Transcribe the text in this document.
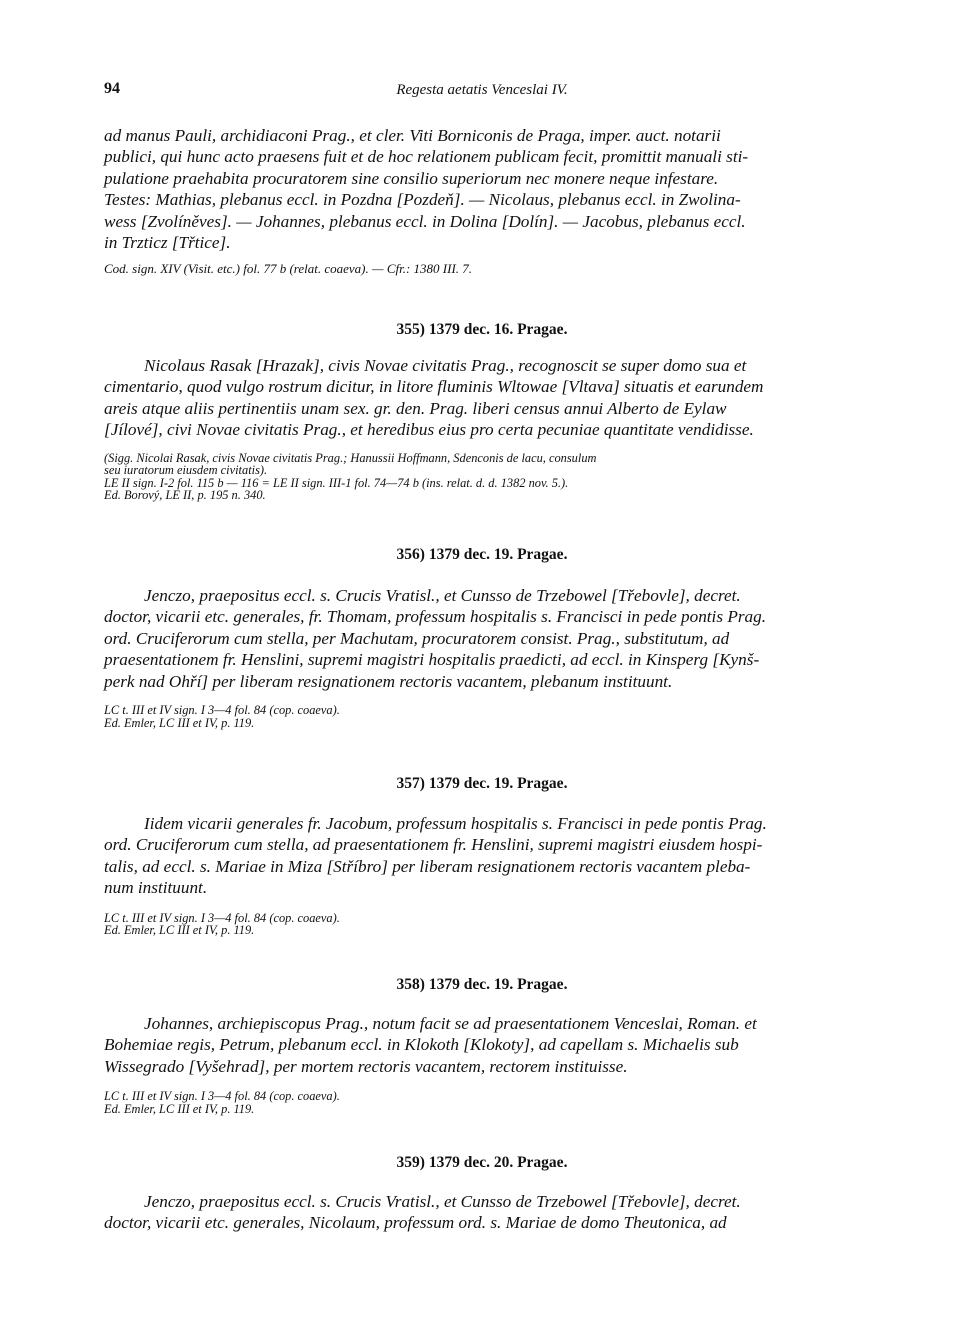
94	Regesta aetatis Venceslai IV.

ad manus Pauli, archidiaconi Prag., et cler. Viti Borniconis de Praga, imper. auct. notarii
publici, qui hunc acto praesens fuit et de hoc relationem publicam fecit, promittit manuali sti-
pulatione praehabita procuratorem sine consilio superiorum nec monere neque infestare.
Testes: Mathias, plebanus eccl. in Pozdna [Pozdeň]. — Nicolaus, plebanus eccl. in Zwolina-
wess [Zvolíněves]. — Johannes, plebanus eccl. in Dolina [Dolín]. — Jacobus, plebanus eccl.
in Trzticz [Třtice].

Cod. sign. XIV (Visit. etc.) fol. 77 b (relat. coaeva). — Cfr.: 1380 III. 7.

355) 1379 dec. 16. Pragae.

Nicolaus Rasak [Hrazak], civis Novae civitatis Prag., recognoscit se super domo sua et
cimentario, quod vulgo rostrum dicitur, in litore fluminis Wltowae [Vltava] situatis et earundem
areis atque aliis pertinentiis unam sex. gr. den. Prag. liberi census annui Alberto de Eylaw
[Jílové], civi Novae civitatis Prag., et heredibus eius pro certa pecuniae quantitate vendidisse.

(Sigg. Nicolai Rasak, civis Novae civitatis Prag.; Hanussii Hoffmann, Sdenconis de lacu, consulum
seu iuratorum eiusdem civitatis).
LE II sign. I-2 fol. 115 b — 116 = LE II sign. III-1 fol. 74—74 b (ins. relat. d. d. 1382 nov. 5.).
Ed. Borový, LE II, p. 195 n. 340.

356) 1379 dec. 19. Pragae.

Jenczo, praepositus eccl. s. Crucis Vratisl., et Cunsso de Trzebowel [Třebovle], decret.
doctor, vicarii etc. generales, fr. Thomam, professum hospitalis s. Francisci in pede pontis Prag.
ord. Cruciferorum cum stella, per Machutam, procuratorem consist. Prag., substitutum, ad
praesentationem fr. Henslini, supremi magistri hospitalis praedicti, ad eccl. in Kinsperg [Kynš-
perk nad Ohří] per liberam resignationem rectoris vacantem, plebanum instituunt.

LC t. III et IV sign. I 3—4 fol. 84 (cop. coaeva).
Ed. Emler, LC III et IV, p. 119.

357) 1379 dec. 19. Pragae.

Iidem vicarii generales fr. Jacobum, professum hospitalis s. Francisci in pede pontis Prag.
ord. Cruciferorum cum stella, ad praesentationem fr. Henslini, supremi magistri eiusdem hospi-
talis, ad eccl. s. Mariae in Miza [Stříbro] per liberam resignationem rectoris vacantem pleba-
num instituunt.

LC t. III et IV sign. I 3—4 fol. 84 (cop. coaeva).
Ed. Emler, LC III et IV, p. 119.

358) 1379 dec. 19. Pragae.

Johannes, archiepiscopus Prag., notum facit se ad praesentationem Venceslai, Roman. et
Bohemiae regis, Petrum, plebanum eccl. in Klokoth [Klokoty], ad capellam s. Michaelis sub
Wissegrado [Vyšehrad], per mortem rectoris vacantem, rectorem instituisse.

LC t. III et IV sign. I 3—4 fol. 84 (cop. coaeva).
Ed. Emler, LC III et IV, p. 119.

359) 1379 dec. 20. Pragae.

Jenczo, praepositus eccl. s. Crucis Vratisl., et Cunsso de Trzebowel [Třebovle], decret.
doctor, vicarii etc. generales, Nicolaum, professum ord. s. Mariae de domo Theutonica, ad
